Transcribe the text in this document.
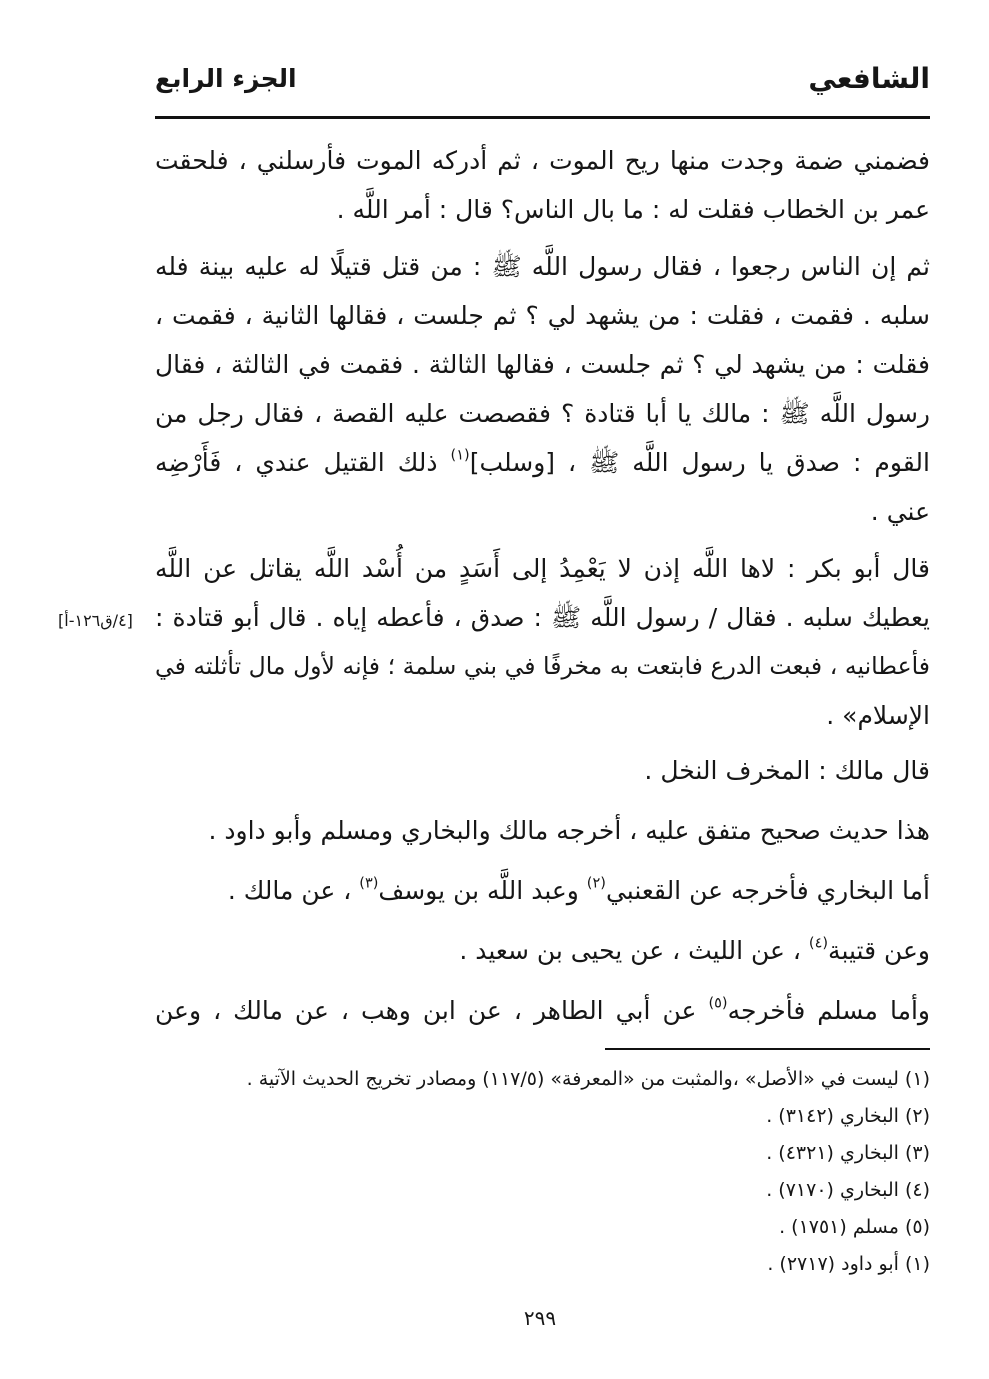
الشافعي
الجزء الرابع
فضمني ضمة وجدت منها ريح الموت ، ثم أدركه الموت فأرسلني ، فلحقت
عمر بن الخطاب فقلت له : ما بال الناس؟ قال : أمر اللَّه .
ثم إن الناس رجعوا ، فقال رسول اللَّه ﷺ : من قتل قتيلًا له عليه بينة فله
سلبه . فقمت ، فقلت : من يشهد لي ؟ ثم جلست ، فقالها الثانية ، فقمت ،
فقلت : من يشهد لي ؟ ثم جلست ، فقالها الثالثة . فقمت في الثالثة ، فقال
رسول اللَّه ﷺ : مالك يا أبا قتادة ؟ فقصصت عليه القصة ، فقال رجل من
القوم : صدق يا رسول اللَّه ﷺ ، [وسلب]$^{(١)}$ ذلك القتيل عندي ، فَأَرْضِه
عني .
قال أبو بكر : لاها اللَّه إذن لا يَعْمِدُ إلى أَسَدٍ من أُسْد اللَّه يقاتل عن اللَّه
يعطيك سلبه . فقال / رسول اللَّه ﷺ : صدق ، فأعطه إياه . قال أبو قتادة :
فأعطانيه ، فبعت الدرع فابتعت به مخرفًا في بني سلمة ؛ فإنه لأول مال تأثلته في
الإسلام» .
قال مالك : المخرف النخل .
هذا حديث صحيح متفق عليه ، أخرجه مالك والبخاري ومسلم وأبو داود .
أما البخاري فأخرجه عن القعنبي$^{(٢)}$ وعبد اللَّه بن يوسف$^{(٣)}$ ، عن مالك .
وعن قتيبة$^{(٤)}$ ، عن الليث ، عن يحيى بن سعيد .
وأما مسلم فأخرجه$^{(٥)}$ عن أبي الطاهر ، عن ابن وهب ، عن مالك ، وعن
[٤/ق١٢٦-أ]
(١) ليست في «الأصل» ،والمثبت من «المعرفة» (١١٧/٥) ومصادر تخريج الحديث الآتية .
(٢) البخاري (٣١٤٢) .
(٣) البخاري (٤٣٢١) .
(٤) البخاري (٧١٧٠) .
(٥) مسلم (١٧٥١) .
(١) أبو داود (٢٧١٧) .
٢٩٩
